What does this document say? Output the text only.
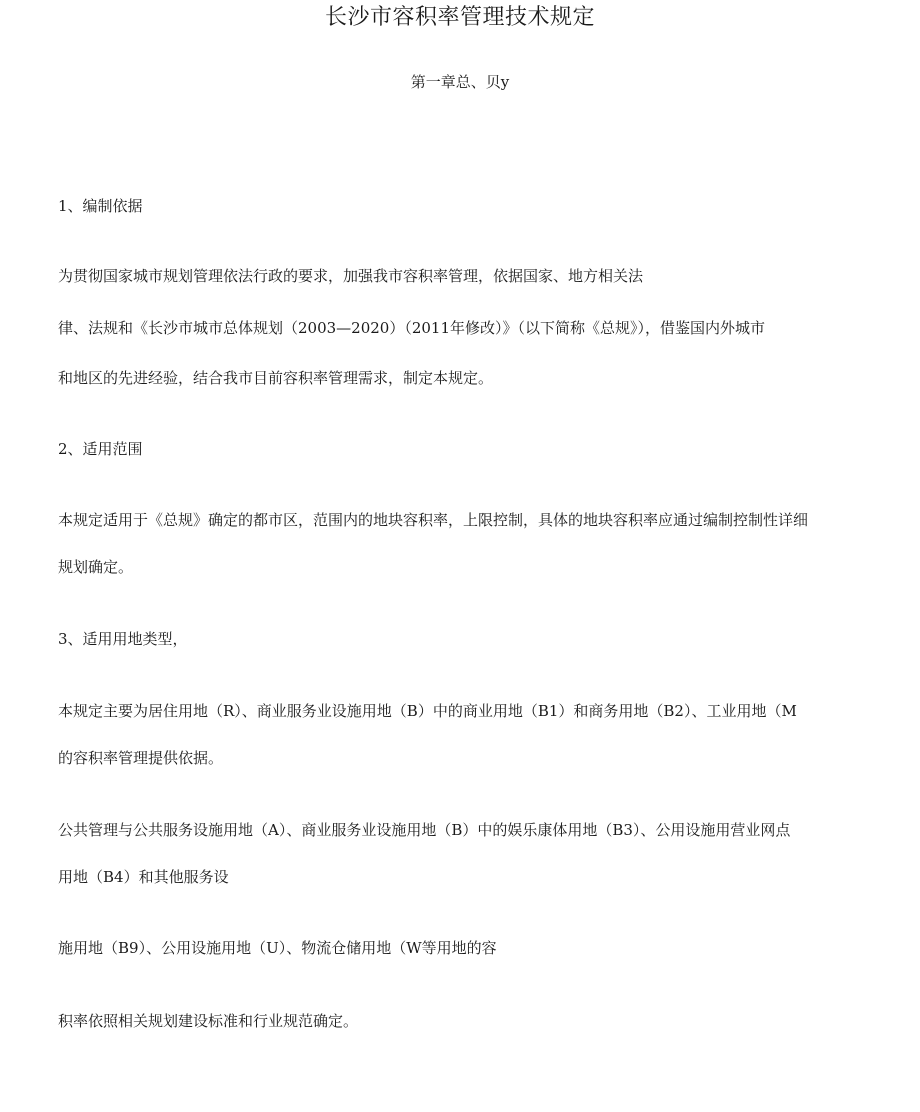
长沙市容积率管理技术规定

第一章总、贝y

1、编制依据

为贯彻国家城市规划管理依法行政的要求，加强我市容积率管理，依据国家、地方相关法

律、法规和《长沙市城市总体规划（2003—2020）（2011年修改）》（以下简称《总规》），借鉴国内外城市

和地区的先进经验，结合我市目前容积率管理需求，制定本规定。

2、适用范围

本规定适用于《总规》确定的都市区，范围内的地块容积率，上限控制，具体的地块容积率应通过编制控制性详细

规划确定。

3、适用用地类型，

本规定主要为居住用地（R）、商业服务业设施用地（B）中的商业用地（B1）和商务用地（B2）、工业用地（M

的容积率管理提供依据。

公共管理与公共服务设施用地（A）、商业服务业设施用地（B）中的娱乐康体用地（B3）、公用设施用营业网点

用地（B4）和其他服务设

施用地（B9）、公用设施用地（U）、物流仓储用地（W等用地的容

积率依照相关规划建设标准和行业规范确定。
